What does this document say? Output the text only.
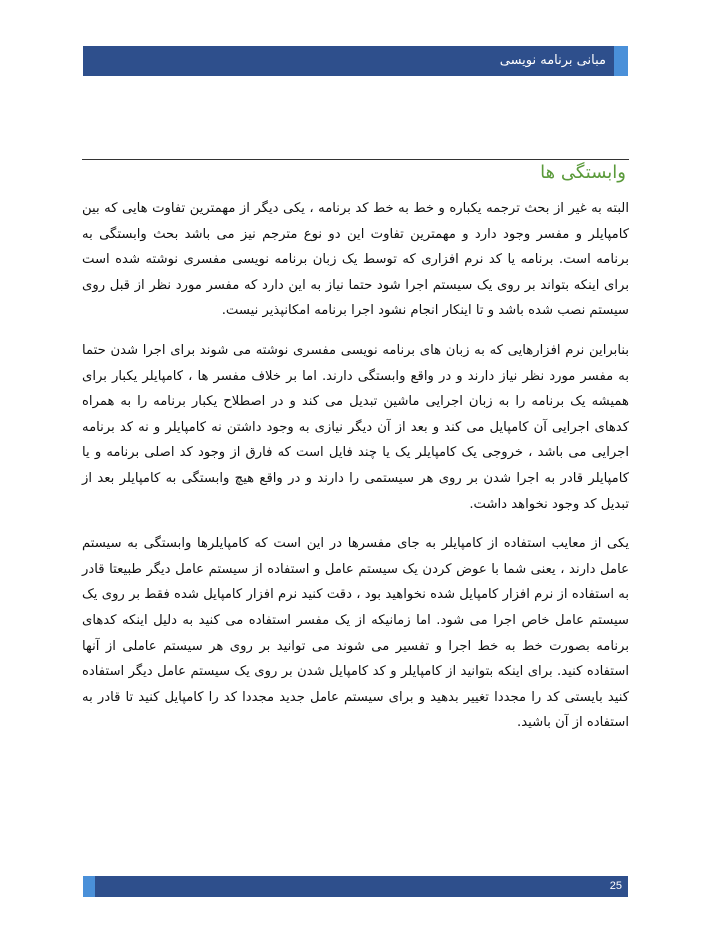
مبانی برنامه نویسی
وابستگی ها

البته به غیر از بحث ترجمه یکباره و خط به خط کد برنامه ، یکی دیگر از مهمترین تفاوت هایی که بین کامپایلر و مفسر وجود دارد و مهمترین تفاوت این دو نوع مترجم نیز می باشد بحث وابستگی به برنامه است. برنامه یا کد نرم افزاری که توسط یک زبان برنامه نویسی مفسری نوشته شده است برای اینکه بتواند بر روی یک سیستم اجرا شود حتما نیاز به این دارد که مفسر مورد نظر از قبل روی سیستم نصب شده باشد و تا اینکار انجام نشود اجرا برنامه امکانپذیر نیست.

بنابراین نرم افزارهایی که به زبان های برنامه نویسی مفسری نوشته می شوند برای اجرا شدن حتما به مفسر مورد نظر نیاز دارند و در واقع وابستگی دارند. اما بر خلاف مفسر ها ، کامپایلر یکبار برای همیشه یک برنامه را به زبان اجرایی ماشین تبدیل می کند و در اصطلاح یکبار برنامه را به همراه کدهای اجرایی آن کامپایل می کند و بعد از آن دیگر نیازی به وجود داشتن نه کامپایلر و نه کد برنامه اجرایی می باشد ، خروجی یک کامپایلر یک یا چند فایل است که فارق از وجود کد اصلی برنامه و یا کامپایلر قادر به اجرا شدن بر روی هر سیستمی را دارند و در واقع هیچ وابستگی به کامپایلر بعد از تبدیل کد وجود نخواهد داشت.

یکی از معایب استفاده از کامپایلر به جای مفسرها در این است که کامپایلرها وابستگی به سیستم عامل دارند ، یعنی شما با عوض کردن یک سیستم عامل و استفاده از سیستم عامل دیگر طبیعتا قادر به استفاده از نرم افزار کامپایل شده نخواهید بود ، دقت کنید نرم افزار کامپایل شده فقط بر روی یک سیستم عامل خاص اجرا می شود. اما زمانیکه از یک مفسر استفاده می کنید به دلیل اینکه کدهای برنامه بصورت خط به خط اجرا و تفسیر می شوند می توانید بر روی هر سیستم عاملی از آنها استفاده کنید. برای اینکه بتوانید از کامپایلر و کد کامپایل شدن بر روی یک سیستم عامل دیگر استفاده کنید بایستی کد را مجددا تغییر بدهید و برای سیستم عامل جدید مجددا کد را کامپایل کنید تا قادر به استفاده از آن باشید.

25
